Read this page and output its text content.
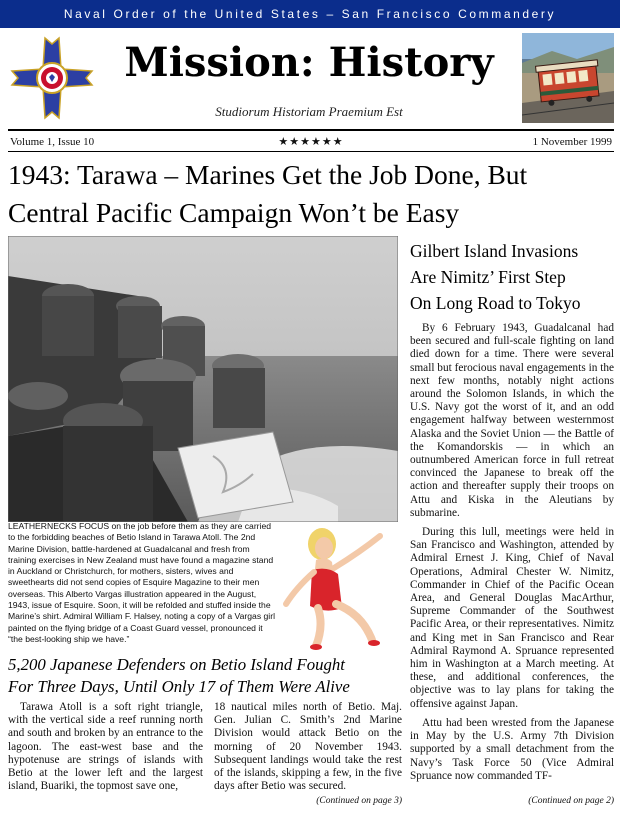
Naval Order of the United States – San Francisco Commandery
Mission: History
Studiorum Historiam Praemium Est
★★★★★★
Volume 1, Issue 10	1 November 1999
1943: Tarawa – Marines Get the Job Done, But
Central Pacific Campaign Won’t be Easy
LEATHERNECKS FOCUS on the job before them as they are carried to the forbidding beaches of Betio Island in Tarawa Atoll. The 2nd Marine Division, battle-hardened at Guadalcanal and fresh from training exercises in New Zealand must have found a magazine stand in Auckland or Christchurch, for mothers, sisters, wives and sweethearts did not send copies of Esquire Magazine to their men overseas. This Alberto Vargas illustration appeared in the August, 1943, issue of Esquire. Soon, it will be refolded and stuffed inside the Marine’s shirt. Admiral William F. Halsey, noting a copy of a Vargas girl painted on the flying bridge of a Coast Guard vessel, pronounced it “the best-looking ship we have.”
5,200 Japanese Defenders on Betio Island Fought
For Three Days, Until Only 17 of Them Were Alive

Tarawa Atoll is a soft right triangle, with the vertical side a reef running north and south and broken by an entrance to the lagoon. The east-west base and the hypotenuse are strings of islands with Betio at the lower left and the largest island, Buariki, the topmost save one,

18 nautical miles north of Betio. Maj. Gen. Julian C. Smith’s 2nd Marine Division would attack Betio on the morning of 20 November 1943. Subsequent landings would take the rest of the islands, skipping a few, in the five days after Betio was secured.

(Continued on page 3)
Gilbert Island Invasions
Are Nimitz’ First Step
On Long Road to Tokyo

By 6 February 1943, Guadalcanal had been secured and full-scale fighting on land died down for a time. There were several small but ferocious naval engagements in the next few months, notably night actions around the Solomon Islands, in which the U.S. Navy got the worst of it, and an odd engagement halfway between westernmost Alaska and the Soviet Union — the Battle of the Komandorskis — in which an outnumbered American force in full retreat convinced the Japanese to break off the action and thereafter supply their troops on Attu and Kiska in the Aleutians by submarine.

During this lull, meetings were held in San Francisco and Washington, attended by Admiral Ernest J. King, Chief of Naval Operations, Admiral Chester W. Nimitz, Commander in Chief of the Pacific Ocean Area, and General Douglas MacArthur, Supreme Commander of the Southwest Pacific Area, or their representatives. Nimitz and King met in San Francisco and Rear Admiral Raymond A. Spruance represented him in Washington at a March meeting. At these, and additional conferences, the objective was to lay plans for taking the offensive against Japan.

Attu had been wrested from the Japanese in May by the U.S. Army 7th Division supported by a small detachment from the Navy’s Task Force 50 (Vice Admiral Spruance now commanded TF-

(Continued on page 2)
